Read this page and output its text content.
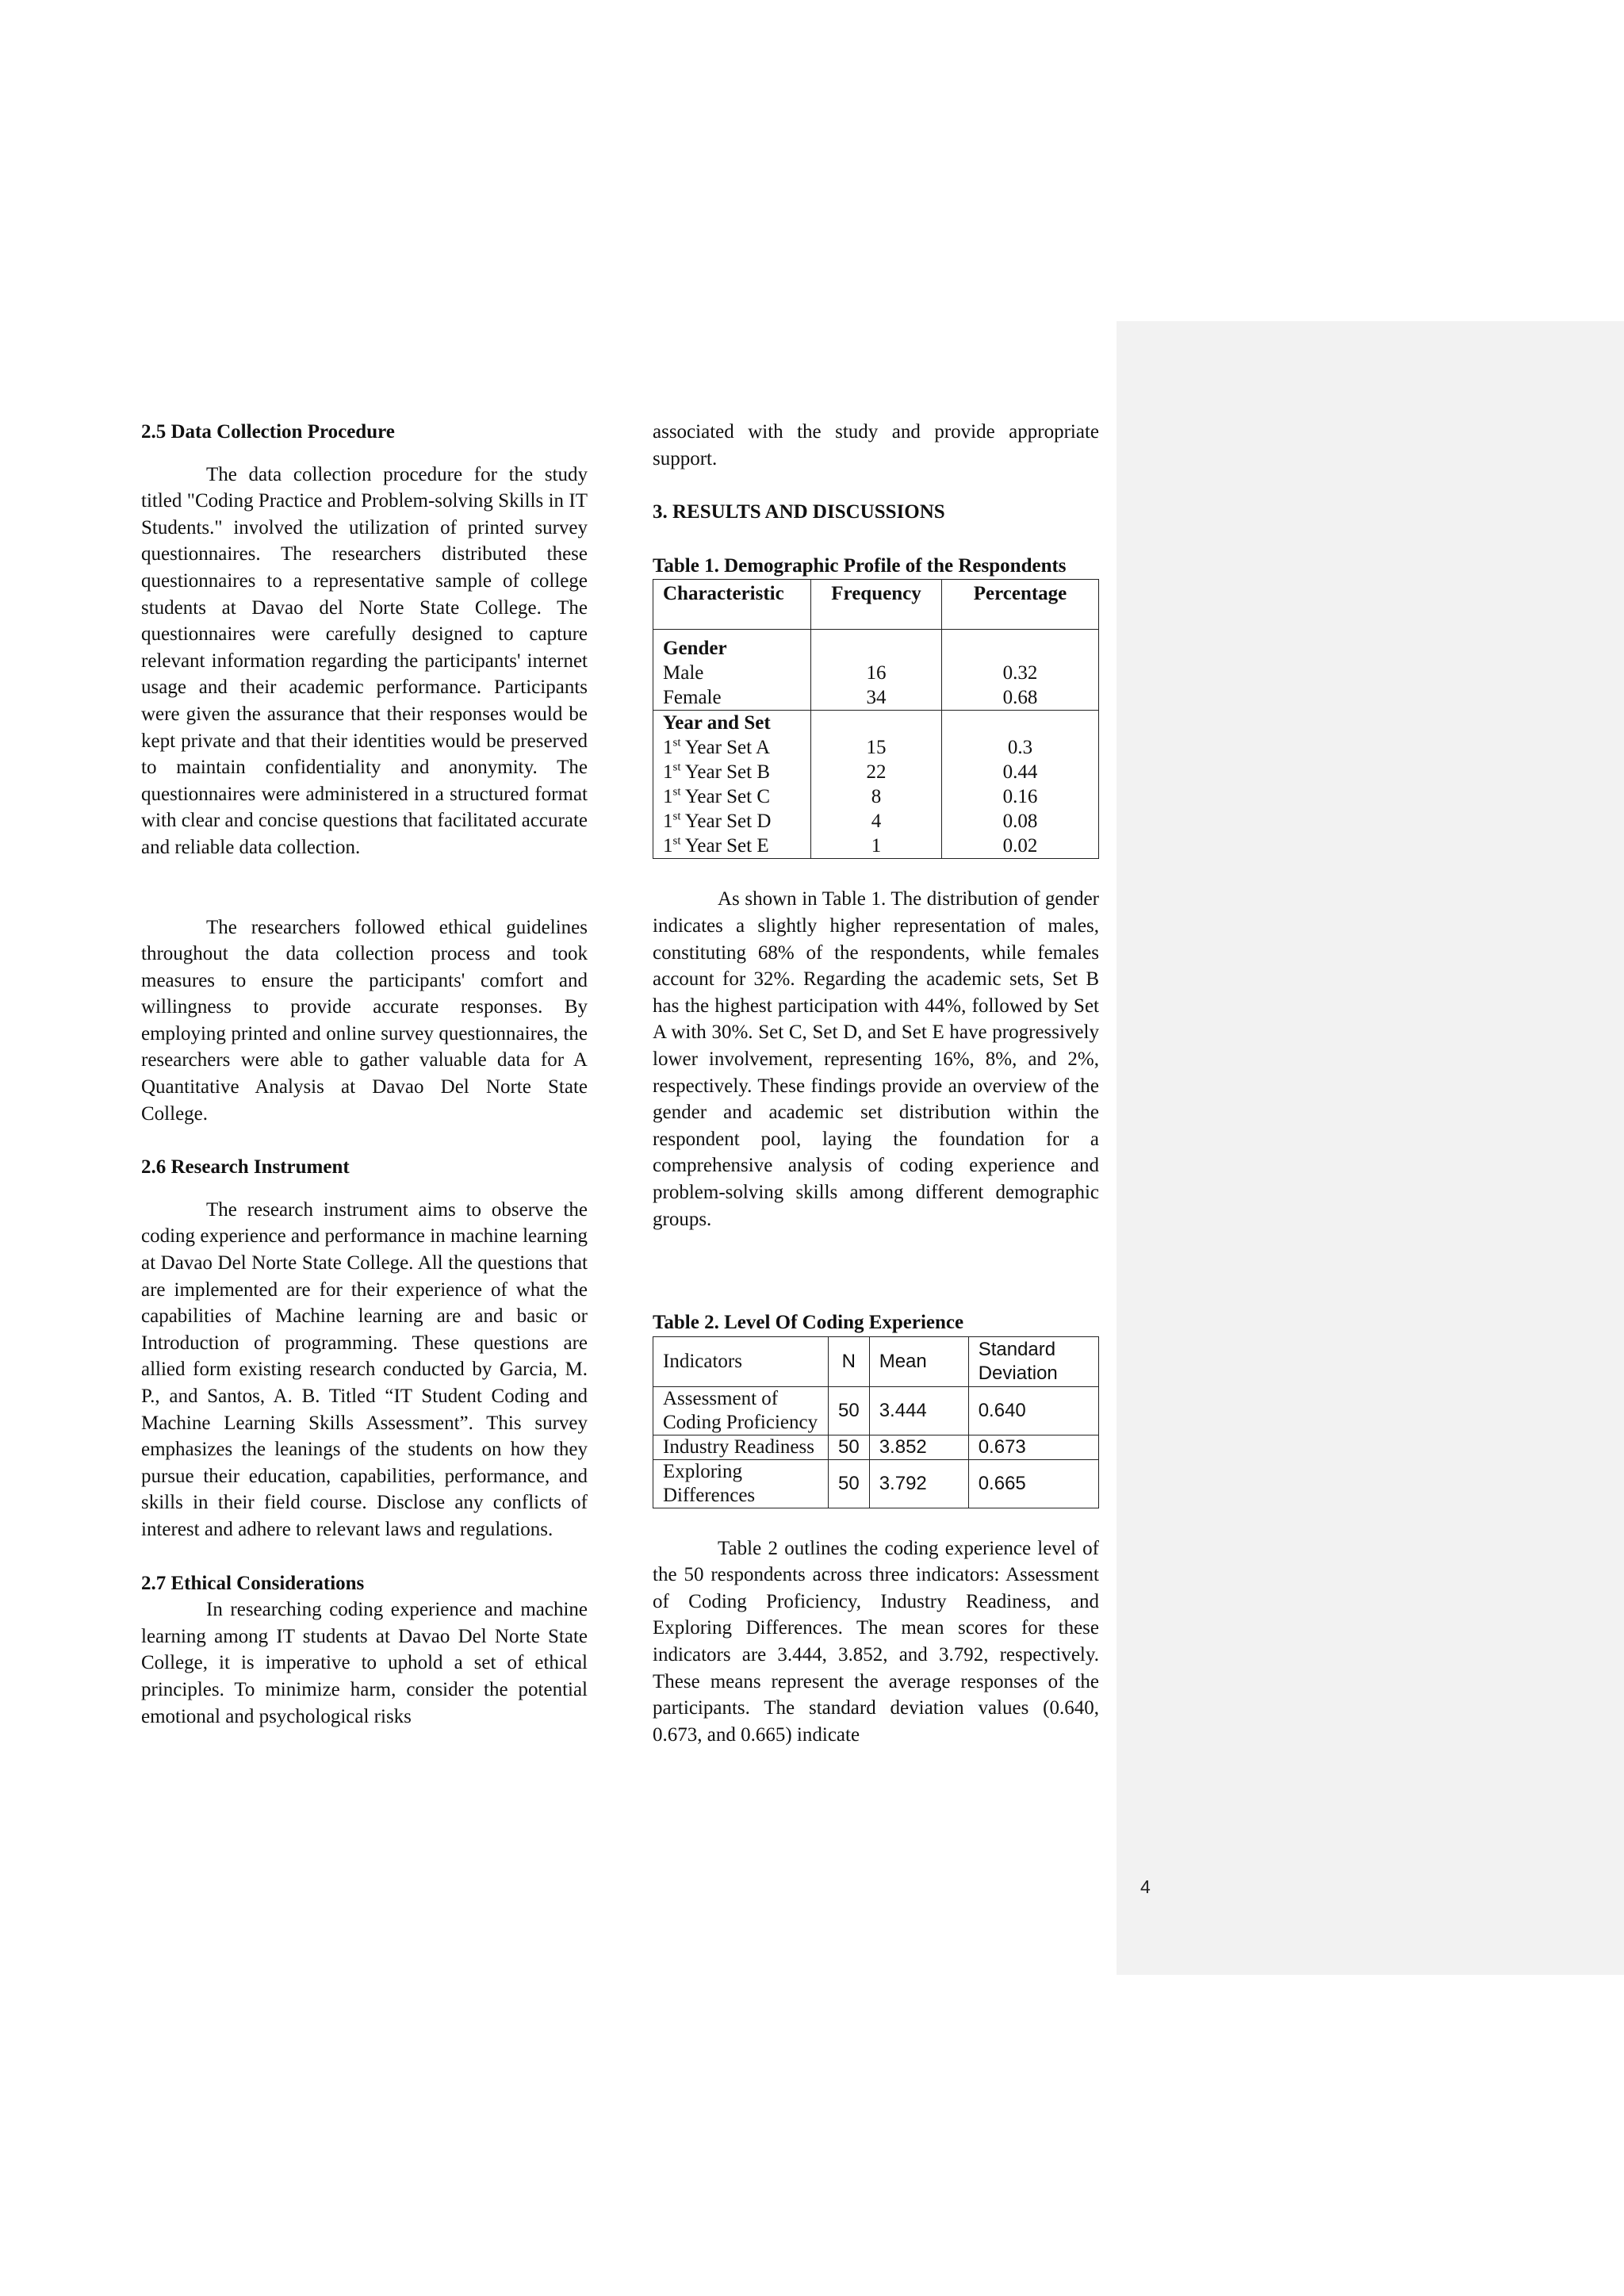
4
2.5 Data Collection Procedure

The data collection procedure for the study titled "Coding Practice and Problem-solving Skills in IT Students." involved the utilization of printed survey questionnaires. The researchers distributed these questionnaires to a representative sample of college students at Davao del Norte State College. The questionnaires were carefully designed to capture relevant information regarding the participants' internet usage and their academic performance. Participants were given the assurance that their responses would be kept private and that their identities would be preserved to maintain confidentiality and anonymity. The questionnaires were administered in a structured format with clear and concise questions that facilitated accurate and reliable data collection.

The researchers followed ethical guidelines throughout the data collection process and took measures to ensure the participants' comfort and willingness to provide accurate responses. By employing printed and online survey questionnaires, the researchers were able to gather valuable data for A Quantitative Analysis at Davao Del Norte State College.

2.6 Research Instrument

The research instrument aims to observe the coding experience and performance in machine learning at Davao Del Norte State College. All the questions that are implemented are for their experience of what the capabilities of Machine learning are and basic or Introduction of programming. These questions are allied form existing research conducted by Garcia, M. P., and Santos, A. B. Titled “IT Student Coding and Machine Learning Skills Assessment”. This survey emphasizes the leanings of the students on how they pursue their education, capabilities, performance, and skills in their field course. Disclose any conflicts of interest and adhere to relevant laws and regulations.

2.7 Ethical Considerations

In researching coding experience and machine learning among IT students at Davao Del Norte State College, it is imperative to uphold a set of ethical principles. To minimize harm, consider the potential emotional and psychological risks

associated with the study and provide appropriate support.

3. RESULTS AND DISCUSSIONS
Table 1. Demographic Profile of the Respondents
Characteristic	Frequency	Percentage

Gender		
Male	16	0.32
Female	34	0.68
Year and Set		
1st Year Set A	15	0.3
1st Year Set B	22	0.44
1st Year Set C	8	0.16
1st Year Set D	4	0.08
1st Year Set E	1	0.02

As shown in Table 1. The distribution of gender indicates a slightly higher representation of males, constituting 68% of the respondents, while females account for 32%. Regarding the academic sets, Set B has the highest participation with 44%, followed by Set A with 30%. Set C, Set D, and Set E have progressively lower involvement, representing 16%, 8%, and 2%, respectively. These findings provide an overview of the gender and academic set distribution within the respondent pool, laying the foundation for a comprehensive analysis of coding experience and problem-solving skills among different demographic groups.

Table 2. Level Of Coding Experience
Indicators	N	Mean	Standard Deviation
Assessment of Coding Proficiency	50	3.444	0.640
Industry Readiness	50	3.852	0.673
Exploring Differences	50	3.792	0.665

Table 2 outlines the coding experience level of the 50 respondents across three indicators: Assessment of Coding Proficiency, Industry Readiness, and Exploring Differences. The mean scores for these indicators are 3.444, 3.852, and 3.792, respectively. These means represent the average responses of the participants. The standard deviation values (0.640, 0.673, and 0.665) indicate
